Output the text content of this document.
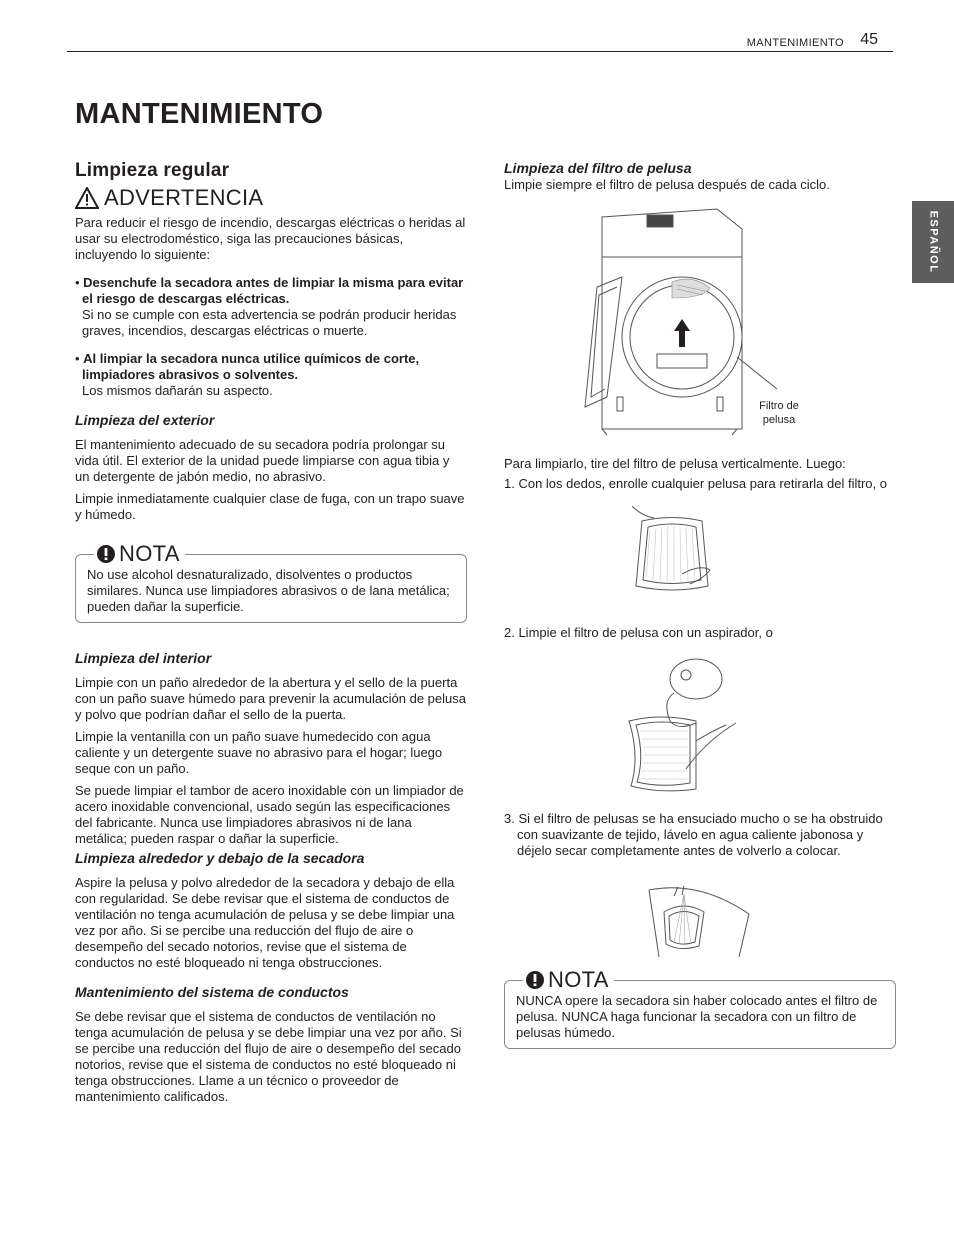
MANTENIMIENTO 45
ESPAÑOL
MANTENIMIENTO
Limpieza regular
ADVERTENCIA

Para reducir el riesgo de incendio, descargas eléctricas o heridas al usar su electrodoméstico, siga las precauciones básicas, incluyendo lo siguiente:

• Desenchufe la secadora antes de limpiar la misma para evitar el riesgo de descargas eléctricas.
Si no se cumple con esta advertencia se podrán producir heridas graves, incendios, descargas eléctricas o muerte.
• Al limpiar la secadora nunca utilice químicos de corte, limpiadores abrasivos o solventes.
Los mismos dañarán su aspecto.
Limpieza del exterior

El mantenimiento adecuado de su secadora podría prolongar su vida útil. El exterior de la unidad puede limpiarse con agua tibia y un detergente de jabón medio, no abrasivo.

Limpie inmediatamente cualquier clase de fuga, con un trapo suave y húmedo.

NOTA

No use alcohol desnaturalizado, disolventes o productos similares. Nunca use limpiadores abrasivos o de lana metálica; pueden dañar la superficie.

Limpieza del interior

Limpie con un paño alrededor de la abertura y el sello de la puerta con un paño suave húmedo para prevenir la acumulación de pelusa y polvo que podrían dañar el sello de la puerta.

Limpie la ventanilla con un paño suave humedecido con agua caliente y un detergente suave no abrasivo para el hogar; luego seque con un paño.

Se puede limpiar el tambor de acero inoxidable con un limpiador de acero inoxidable convencional, usado según las especificaciones del fabricante. Nunca use limpiadores abrasivos ni de lana metálica; pueden raspar o dañar la superficie.

Limpieza alrededor y debajo de la secadora

Aspire la pelusa y polvo alrededor de la secadora y debajo de ella con regularidad. Se debe revisar que el sistema de conductos de ventilación no tenga acumulación de pelusa y se debe limpiar una vez por año. Si se percibe una reducción del flujo de aire o desempeño del secado notorios, revise que el sistema de conductos no esté bloqueado ni tenga obstrucciones.

Mantenimiento del sistema de conductos

Se debe revisar que el sistema de conductos de ventilación no tenga acumulación de pelusa y se debe limpiar una vez por año. Si se percibe una reducción del flujo de aire o desempeño del secado notorios, revise que el sistema de conductos no esté bloqueado ni tenga obstrucciones. Llame a un técnico o proveedor de mantenimiento calificados.

Limpieza del filtro de pelusa

Limpie siempre el filtro de pelusa después de cada ciclo.

Filtro de pelusa

Para limpiarlo, tire del filtro de pelusa verticalmente. Luego:

1. Con los dedos, enrolle cualquier pelusa para retirarla del filtro, o
2. Limpie el filtro de pelusa con un aspirador, o
3. Si el filtro de pelusas se ha ensuciado mucho o se ha obstruido con suavizante de tejido, lávelo en agua caliente jabonosa y déjelo secar completamente antes de volverlo a colocar.
NOTA

NUNCA opere la secadora sin haber colocado antes el filtro de pelusa. NUNCA haga funcionar la secadora con un filtro de pelusas húmedo.
